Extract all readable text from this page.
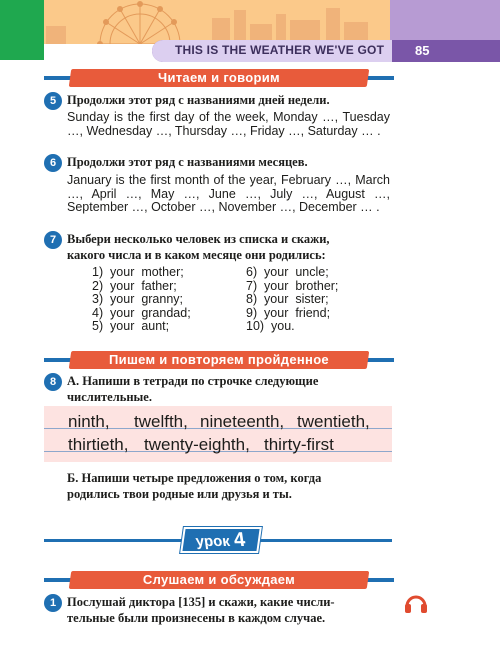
THIS IS THE WEATHER WE'VE GOT 85
Читаем и говорим
5 Продолжи этот ряд с названиями дней недели.
Sunday is the first day of the week, Monday …, Tuesday …, Wednesday …, Thursday …, Friday …, Saturday … .
6 Продолжи этот ряд с названиями месяцев.
January is the first month of the year, February …, March …, April …, May …, June …, July …, August …, September …, October …, November …, December … .
7 Выбери несколько человек из списка и скажи,
какого числа и в каком месяце они родились:
1)  your  mother;
2)  your  father;
3)  your  granny;
4)  your  grandad;
5)  your  aunt;
6)  your  uncle;
7)  your  brother;
8)  your  sister;
9)  your  friend;
10)  you.
Пишем и повторяем пройденное
8 А. Напиши в тетради по строчке следующие
числительные.
ninth, twelfth, nineteenth, twentieth,
thirtieth, twenty-eighth, thirty-first
Б. Напиши четыре предложения о том, когда
родились твои родные или друзья и ты.
урок 4
Слушаем и обсуждаем
1 Послушай диктора [135] и скажи, какие числи-
тельные были произнесены в каждом случае.
